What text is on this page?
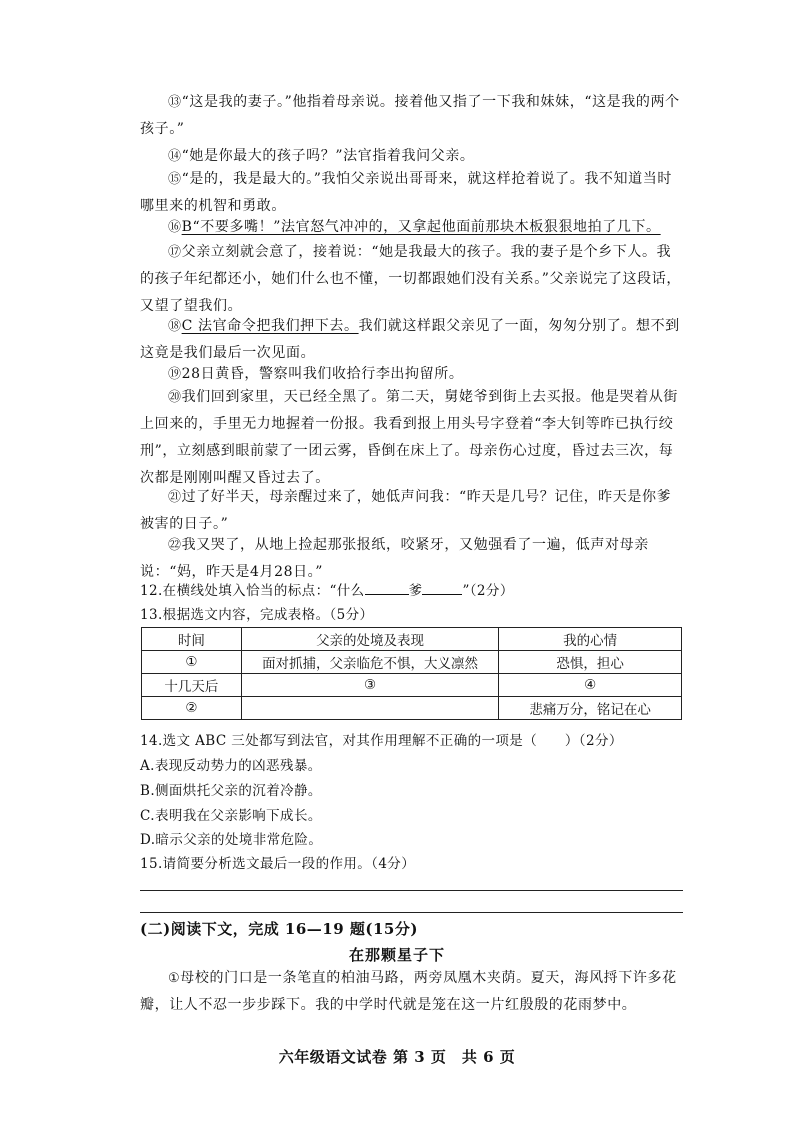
⑬“这是我的妻子。”他指着母亲说。接着他又指了一下我和妹妹，“这是我的两个孩子。”

⑭“她是你最大的孩子吗？”法官指着我问父亲。

⑮“是的，我是最大的。”我怕父亲说出哥哥来，就这样抢着说了。我不知道当时哪里来的机智和勇敢。

⑯B“不要多嘴！”法官怒气冲冲的，又拿起他面前那块木板狠狠地拍了几下。

⑰父亲立刻就会意了，接着说：“她是我最大的孩子。我的妻子是个乡下人。我的孩子年纪都还小，她们什么也不懂，一切都跟她们没有关系。”父亲说完了这段话，又望了望我们。

⑱C 法官命令把我们押下去。我们就这样跟父亲见了一面，匆匆分别了。想不到这竟是我们最后一次见面。

⑲28日黄昏，警察叫我们收拾行李出拘留所。

⑳我们回到家里，天已经全黑了。第二天，舅姥爷到街上去买报。他是哭着从街上回来的，手里无力地握着一份报。我看到报上用头号字登着“李大钊等昨已执行绞刑”，立刻感到眼前蒙了一团云雾，昏倒在床上了。母亲伤心过度，昏过去三次，每次都是刚刚叫醒又昏过去了。

㉑过了好半天，母亲醒过来了，她低声问我：“昨天是几号？记住，昨天是你爹被害的日子。”

㉒我又哭了，从地上捡起那张报纸，咬紧牙，又勉强看了一遍，低声对母亲说：“妈，昨天是4月28日。”

12.在横线处填入恰当的标点：“什么	爹	”（2分）

13.根据选文内容，完成表格。（5分）

时间	父亲的处境及表现	我的心情
①	面对抓捕，父亲临危不惧，大义凛然	恐惧，担心
十几天后	③	④
②		悲痛万分，铭记在心

14.选文 ABC 三处都写到法官，对其作用理解不正确的一项是（　　）（2分）

A.表现反动势力的凶恶残暴。

B.侧面烘托父亲的沉着冷静。

C.表明我在父亲影响下成长。

D.暗示父亲的处境非常危险。

15.请简要分析选文最后一段的作用。（4分）

(二)阅读下文，完成 16—19 题(15分)
在那颗星子下

①母校的门口是一条笔直的柏油马路，两旁凤凰木夹荫。夏天，海风捋下许多花瓣，让人不忍一步步踩下。我的中学时代就是笼在这一片红殷殷的花雨梦中。

六年级语文试卷 第 3 页　共 6 页
